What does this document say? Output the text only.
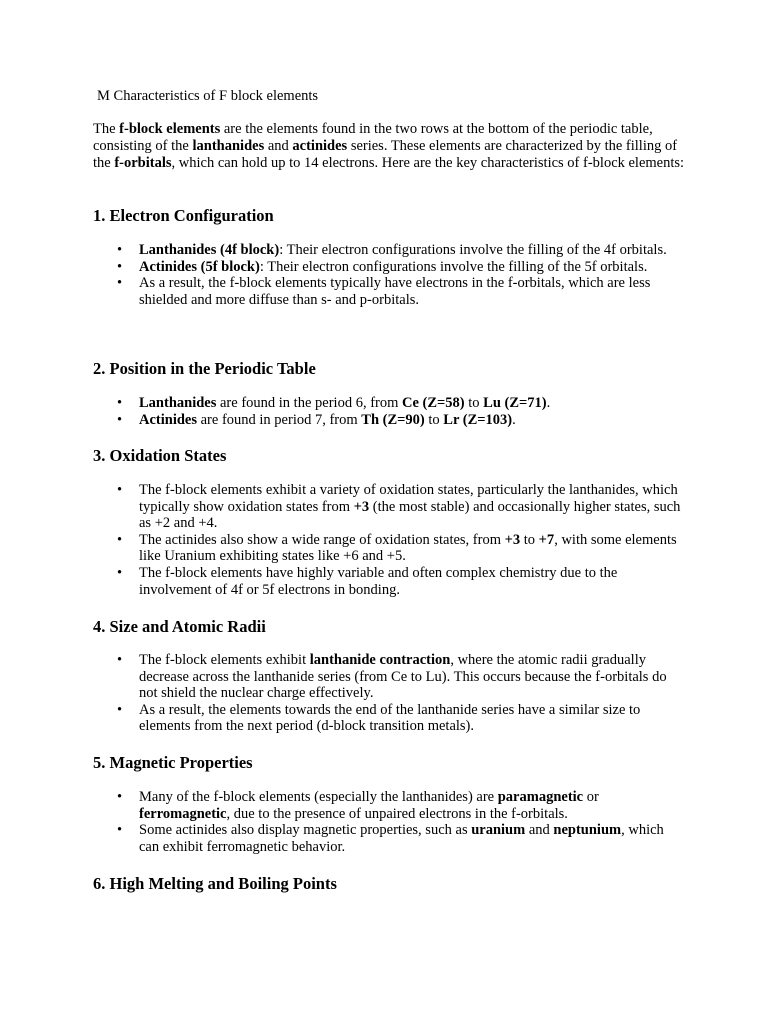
M Characteristics of F block elements

The f-block elements are the elements found in the two rows at the bottom of the periodic table, consisting of the lanthanides and actinides series. These elements are characterized by the filling of the f-orbitals, which can hold up to 14 electrons. Here are the key characteristics of f-block elements:

1. Electron Configuration
• Lanthanides (4f block): Their electron configurations involve the filling of the 4f orbitals.
• Actinides (5f block): Their electron configurations involve the filling of the 5f orbitals.
• As a result, the f-block elements typically have electrons in the f-orbitals, which are less shielded and more diffuse than s- and p-orbitals.
2. Position in the Periodic Table
• Lanthanides are found in the period 6, from Ce (Z=58) to Lu (Z=71).
• Actinides are found in period 7, from Th (Z=90) to Lr (Z=103).
3. Oxidation States
• The f-block elements exhibit a variety of oxidation states, particularly the lanthanides, which typically show oxidation states from +3 (the most stable) and occasionally higher states, such as +2 and +4.
• The actinides also show a wide range of oxidation states, from +3 to +7, with some elements like Uranium exhibiting states like +6 and +5.
• The f-block elements have highly variable and often complex chemistry due to the involvement of 4f or 5f electrons in bonding.
4. Size and Atomic Radii
• The f-block elements exhibit lanthanide contraction, where the atomic radii gradually decrease across the lanthanide series (from Ce to Lu). This occurs because the f-orbitals do not shield the nuclear charge effectively.
• As a result, the elements towards the end of the lanthanide series have a similar size to elements from the next period (d-block transition metals).
5. Magnetic Properties
• Many of the f-block elements (especially the lanthanides) are paramagnetic or ferromagnetic, due to the presence of unpaired electrons in the f-orbitals.
• Some actinides also display magnetic properties, such as uranium and neptunium, which can exhibit ferromagnetic behavior.
6. High Melting and Boiling Points
